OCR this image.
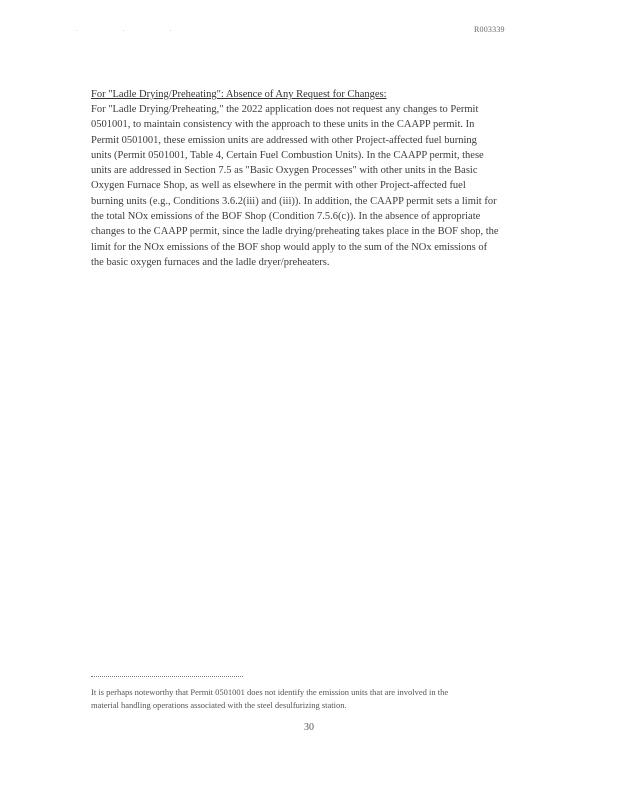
. . .	R003339
For "Ladle Drying/Preheating": Absence of Any Request for Changes:
For "Ladle Drying/Preheating," the 2022 application does not request any changes to Permit
0501001, to maintain consistency with the approach to these units in the CAAPP permit. In
Permit 0501001, these emission units are addressed with other Project-affected fuel burning
units (Permit 0501001, Table 4, Certain Fuel Combustion Units). In the CAAPP permit, these
units are addressed in Section 7.5 as "Basic Oxygen Processes" with other units in the Basic
Oxygen Furnace Shop, as well as elsewhere in the permit with other Project-affected fuel
burning units (e.g., Conditions 3.6.2(iii) and (iii)). In addition, the CAAPP permit sets a limit for
the total NOx emissions of the BOF Shop (Condition 7.5.6(c)). In the absence of appropriate
changes to the CAAPP permit, since the ladle drying/preheating takes place in the BOF shop, the
limit for the NOx emissions of the BOF shop would apply to the sum of the NOx emissions of
the basic oxygen furnaces and the ladle dryer/preheaters.
It is perhaps noteworthy that Permit 0501001 does not identify the emission units that are involved in the
material handling operations associated with the steel desulfurizing station.
30
